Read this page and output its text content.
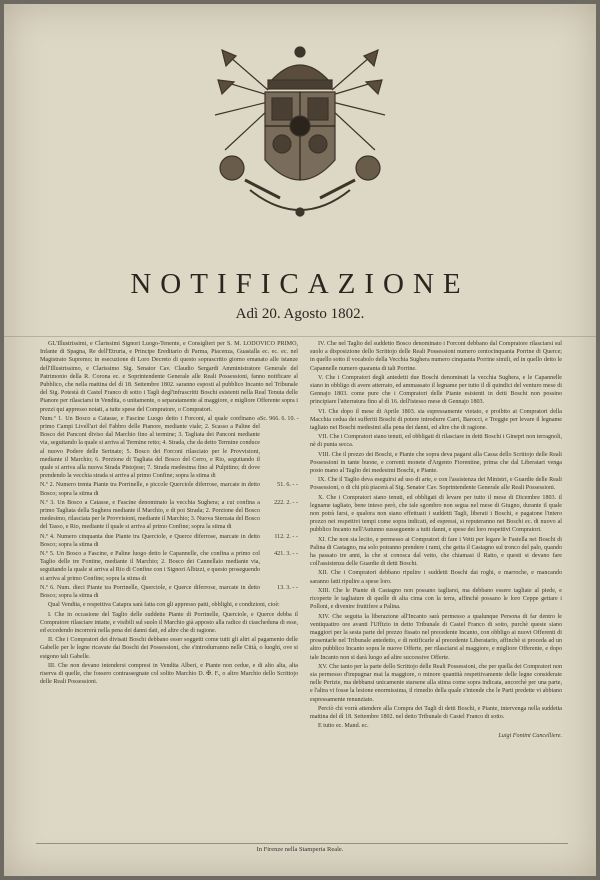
NOTIFICAZIONE
Adì 20. Agosto 1802.

GL'Illustrissimi, e Clarissimi Signori Luogo-Tenente, e Consiglieri per S. M. LODOVICO PRIMO, Infante di Spagna, Re dell'Etruria, e Principe Ereditario di Parma, Piacenza, Guastalla ec. ec. ec. nel Magistrato Supremo; in esecuzione di Loro Decreto di questo soprascritto giorno emanato alle istanze dell'Illustrissimo, e Clarissimo Sig. Senator Cav. Claudio Sergardi Amministratore Generale del Patrimonio della R. Corona ec. e Soprintendente Generale alle Reali Possessioni, fanno notificare al Pubblico, che nella mattina del dì 18. Settembre 1802. saranno esposti al pubblico Incanto nel Tribunale del Sig. Potestà di Castel Franco di sotto i Tagli degl'infrascritti Boschi esistenti nella Real Tenuta delle Pianore per rilasciarsi in Vendita, o unitamente, o separatamente al maggiore, e migliore Offerente sopra i prezzi qui appresso notati, a tutte spese del Compratore, o Compratori.

Num.º 1. Un Bosco a Catasse, e Fascine Luogo detto i Forconi, al quale confinano a primo Campi Livell'ari del Fabbro delle Pianore, mediante viale; 2. Scasso a Paline del Bosco dei Panconi diviso dal Marchio fino al termine; 3. Tagliata dei Panconi mediante via, seguitando la quale si arriva al Termine retto; 4. Strada, che da detto Termine conduce al nuovo Podere delle Serinate; 5. Bosco dei Forconi rilasciato per le Provvisioni, mediante il Marchio; 6. Porzione di Tagliata del Bosco del Cerro, e Rio, seguitando il quale si arriva alla nuova Strada Pistojese; 7. Strada medesima fino al Pulpitino; di dove prendendo la vecchia strada si arriva al primo Confine; sopra la stima di
Sc. 966. 6. 10. -
N.º 2. Numero trenta Piante tra Porrinelle, e piccole Querciole diferrose, marcate in detto Bosco; sopra la stima di
51. 6. - -
N.º 3. Un Bosco a Catasse, e Fascine denominato la vecchia Sughera; a cui confina a primo Tagliata della Sughera mediante il Marchio, e di poi Strada; 2. Porzione del Bosco medesimo, rilasciata per le Provvisioni, mediante il Marchio; 3. Nuova Sterzata del Bosco del Tasso, e Rio, mediante il quale si arriva al primo Confine; sopra la stima di
222. 2. - -
N.º 4. Numero cinquanta due Piante tra Querciole, e Querce diferrose, marcate in detto Bosco; sopra la stima di
112. 2. - -
N.º 5. Un Bosco a Fascine, e Paline luogo detto le Capannelle, che confina a primo col Taglio delle tre Fontine, mediante il Marchio; 2. Bosco dei Cannellaio mediante via, seguitando la quale si arriva al Rio di Confine con i Signori Albizzi, e questo proseguendo si arriva al primo Confine; sopra la stima di
421. 3. - -
N.º 6. Num. dieci Piante tra Porrinelle, Querciole, e Querce diferrose, marcate in detto Bosco; sopra la stima di
13. 3. - -

Qual Vendita, e respettiva Catapra sarà fatta con gli appresso patti, obblighi, e condizioni, cioè:

I. Che in occasione del Taglio delle suddette Piante di Porrinelle, Querciole, e Querce debba il Compratore rilasciare intatte, e visibili sul suolo il Marchio già apposto alla radice di ciascheduna di esse, ed eccedendo incorrerà nella pena dei danni dati, ed altre che di ragione.

II. Che i Compratori dei divisati Boschi debbano esser soggetti come tutti gli altri al pagamento delle Gabelle per le legne ricavate dai Boschi dei Possessioni, che s'introdurranno nelle Città, o luoghi, ove si esigono tali Gabelle.

III. Che non devano intendersi compresi in Vendita Alberi, e Piante non cedue, e di alto alta, alta riserva di quelle, che fossero contrassegnate col solito Marchio D. ✠. F., o altro Marchio dello Scrittojo delle Reali Possessioni.

IV. Che nel Taglio del suddetto Bosco denominato i Forconi debbano dal Compratore rilasciarsi sul suolo a disposizione dello Scrittojo delle Reali Possessioni numero centocinquanta Porrine di Querce; in quello sotto il vocabolo della Vecchia Sughera numero cinquanta Porrine simili, ed in quello detto le Capannelle numero quaranta di tali Porrine.

V. Che i Compratori degli antedetti due Boschi denominati la vecchia Sughera, e le Capannelle siano in obbligo di avere atterrato, ed ammassato il legname per tutto il dì quindici del venturo mese di Gennajo 1803. come pure che i Compratori delle Piante esistenti in detti Boschi non possino principiare l'atterratura fino al dì 16. dell'istesso mese di Gennajo 1803.

VI. Che dopo il mese di Aprile 1803. sia espressamente vietato, e proibito ai Compratori della Macchia cedua dei sufferiti Boschi di potere introdurre Carri, Barocci, e Treggie per levare il legname tagliato nei Boschi medesimi alla pena dei danni, ed altre che di ragione.

VII. Che i Compratori siano tenuti, ed obbligati di rilasciare in detti Boschi i Ginepri non terragnoli, nè di punta secca.

VIII. Che il prezzo dei Boschi, e Piante che sopra deva pagarsi alla Cassa dello Scrittojo delle Reali Possessioni in tante buone, e correnti monete d'Argento Fiorentine, prima che dal Liberatari venga posto mano al Taglio dei medesimi Boschi, e Piante.

IX. Che il Taglio deva eseguirsi ad uso di arte, e con l'assistenza dei Ministri, e Guardie delle Reali Possessioni, o di chi più piacerà al Sig. Senator Cav. Soprintendente Generale alle Reali Possessioni.

X. Che i Compratori siano tenuti, ed obbligati di levare per tutto il mese di Dicembre 1803. il legname tagliato, bene inteso però, che tale sgombro non segua nel mese di Giugno, durante il quale non potrà farsi, e qualora non siano effettuati i suddetti Tagli, liberati i Boschi, e pagatone l'intero prezzo nei respettivi tempi come sopra indicati, ed espressi, si reputeranno nei Boschi ec. di nuovo al pubblico Incanto nell'Autunno susseguente a tutti danni, e spese dei loro respettivi Compratori.

XI. Che non sia lecito, e permesso ai Compratori di fare i Vetti per legare le Fastella nei Boschi di Palina di Castagno, ma solo potranno prendere i rami, che getta il Castagno sul tronco del palo, quando ha passato tre anni, la che si conosca dal vetto, che chiamasi il Ratto, e questi si devano fare coll'assistenza delle Guardie di detti Boschi.

XII. Che i Compratori debbano ripulire i suddetti Boschi dai roghi, e marroche, e mancando saranno fatti ripulire a spese loro.

XIII. Che le Piante di Castagno non possano tagliarsi, ma debbano essere tagliate al piede, e ricoperte le tagliature di quelle di alta cima con la terra, affinchè possano le loro Ceppe gettare i Polloni, e divenire fruttifere a Palina.

XIV. Che seguita la liberazione all'Incanto sarà permesso a qualunque Persona di far dentro le ventiquattro ore avanti l'Uffizio in detto Tribunale di Castel Franco di sotto, purchè queste siano maggiori per la sesta parte del prezzo fissato nel precedente Incanto, con obbligo ai nuovi Offerenti di presentarle nel Tribunale antedetto, e di notificarle al precedente Liberatario, affinchè si proceda ad un altro pubblico Incanto sopra le nuove Offerte, per rilasciarsi al maggiore, e migliore Offerente, e dopo tale Incanto non si darà luogo ad altre successive Offerte.

XV. Che tanto per la parte dello Scrittojo delle Reali Possessioni, che per quella dei Compratori non sia permesso d'impugnar mai la maggiore, o minore quantità respettivamente delle legne considerate nelle Perizie, ma debbansi unicamente starsene alla stima come sopra indicata, ancorchè per una parte, e l'altra vi fosse la lesione enormissima, il rimedio della quale s'intende che le Parti predette vi abbiano espressamente renunziato.

Perciò chi vorrà attendere alla Compra dei Tagli di detti Boschi, e Piante, intervenga nella suddetta mattina del dì 18. Settembre 1802. nel detto Tribunale di Castel Franco di sotto.

E tutto ec. Mand. ec.

Luigi Fontini Cancelliere.
In Firenze nella Stamperia Reale.
